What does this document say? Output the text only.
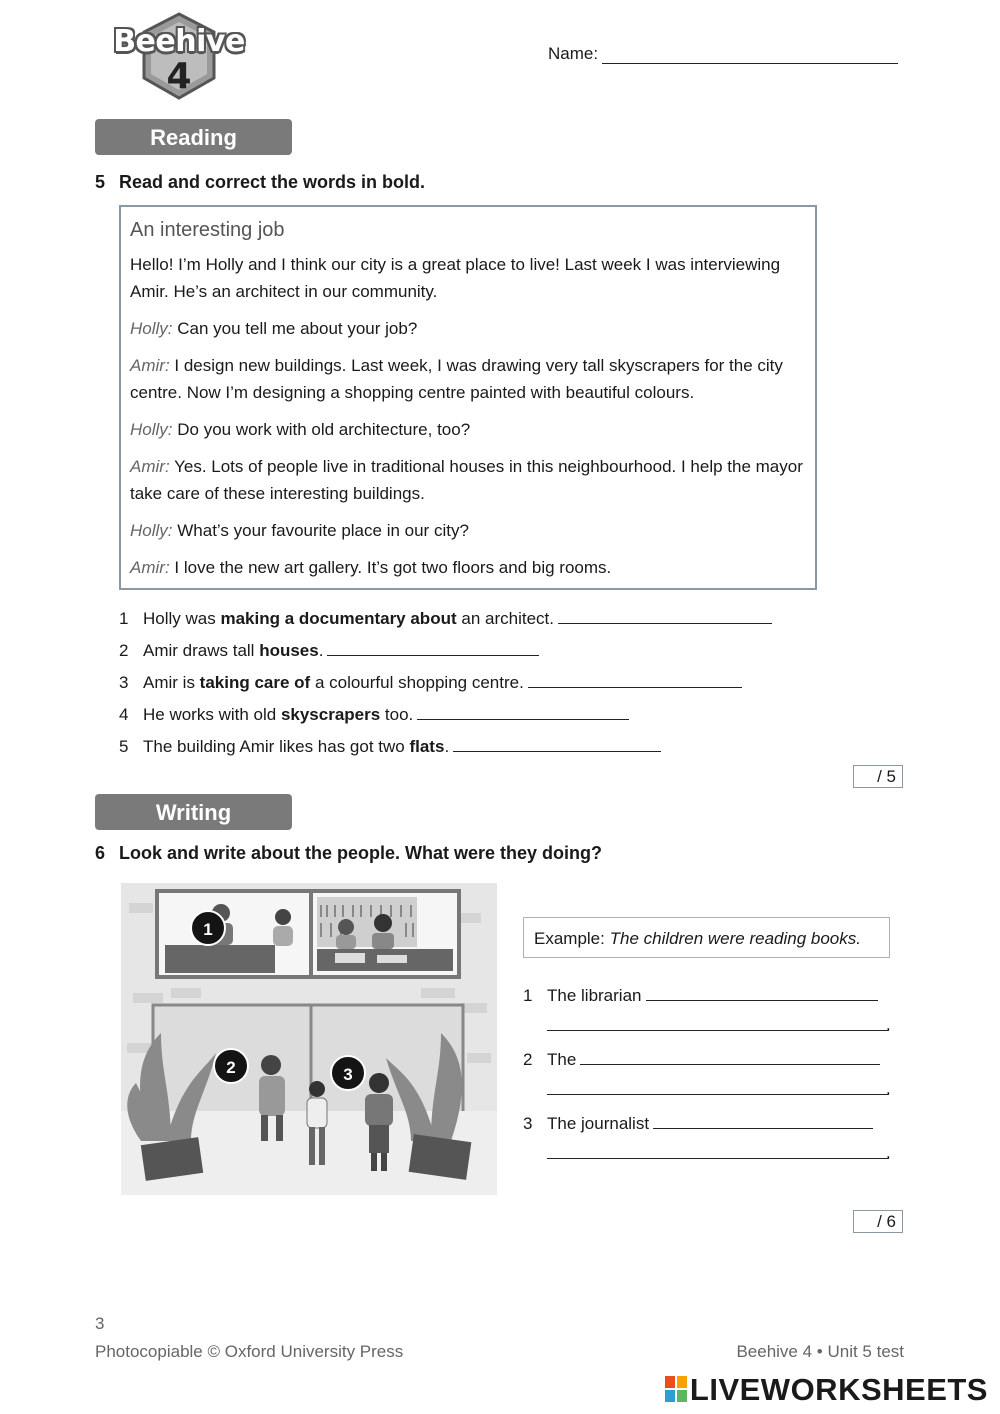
Beehive
4
Name:
Reading
5 Read and correct the words in bold.
An interesting job

Hello! I’m Holly and I think our city is a great place to live! Last week I was interviewing Amir. He’s an architect in our community.

Holly: Can you tell me about your job?

Amir: I design new buildings. Last week, I was drawing very tall skyscrapers for the city centre. Now I’m designing a shopping centre painted with beautiful colours.

Holly: Do you work with old architecture, too?

Amir: Yes. Lots of people live in traditional houses in this neighbourhood. I help the mayor take care of these interesting buildings.

Holly: What’s your favourite place in our city?

Amir: I love the new art gallery. It’s got two floors and big rooms.

1 Holly was making a documentary about an architect.
2 Amir draws tall houses.
3 Amir is taking care of a colourful shopping centre.
4 He works with old skyscrapers too.
5 The building Amir likes has got two flats.
/ 5
Writing
6 Look and write about the people. What were they doing?
1
2	3
Example: The children were reading books.
1 The librarian
.
2 The
.
3 The journalist
.
/ 6
3
Photocopiable © Oxford University Press	Beehive 4 • Unit 5 test
LIVEWORKSHEETS
